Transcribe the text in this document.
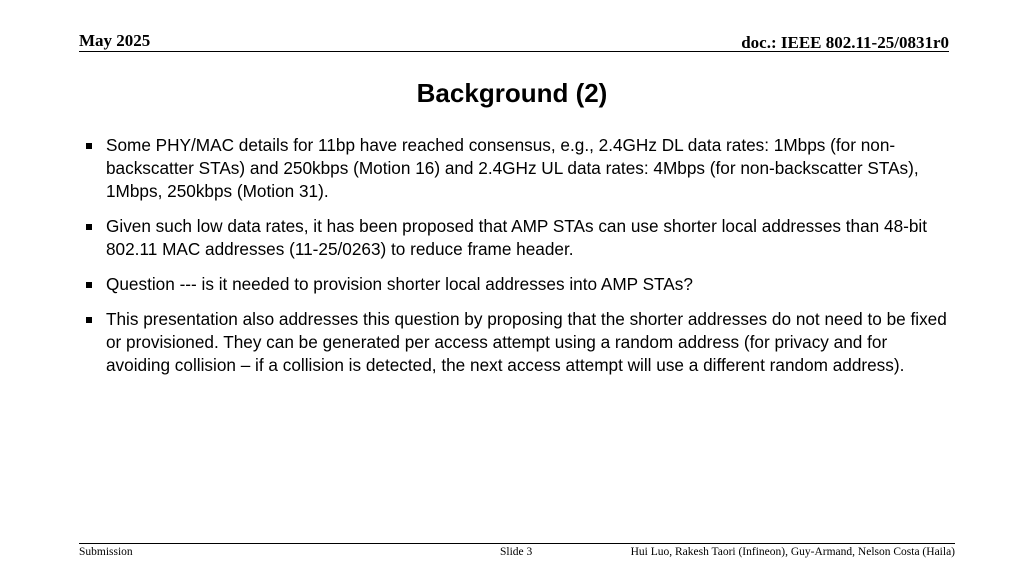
May 2025	doc.: IEEE 802.11-25/0831r0
Background (2)
Some PHY/MAC details for 11bp have reached consensus, e.g., 2.4GHz DL data rates: 1Mbps (for non-backscatter STAs) and 250kbps (Motion 16) and 2.4GHz UL data rates: 4Mbps (for non-backscatter STAs), 1Mbps, 250kbps (Motion 31).
Given such low data rates, it has been proposed that AMP STAs can use shorter local addresses than 48-bit 802.11 MAC addresses (11-25/0263) to reduce frame header.
Question --- is it needed to provision shorter local addresses into AMP STAs?
This presentation also addresses this question by proposing that the shorter addresses do not need to be fixed or provisioned. They can be generated per access attempt using a random address (for privacy and for avoiding collision – if a collision is detected, the next access attempt will use a different random address).
Submission	Slide 3	Hui Luo, Rakesh Taori (Infineon), Guy-Armand, Nelson Costa (Haila)
